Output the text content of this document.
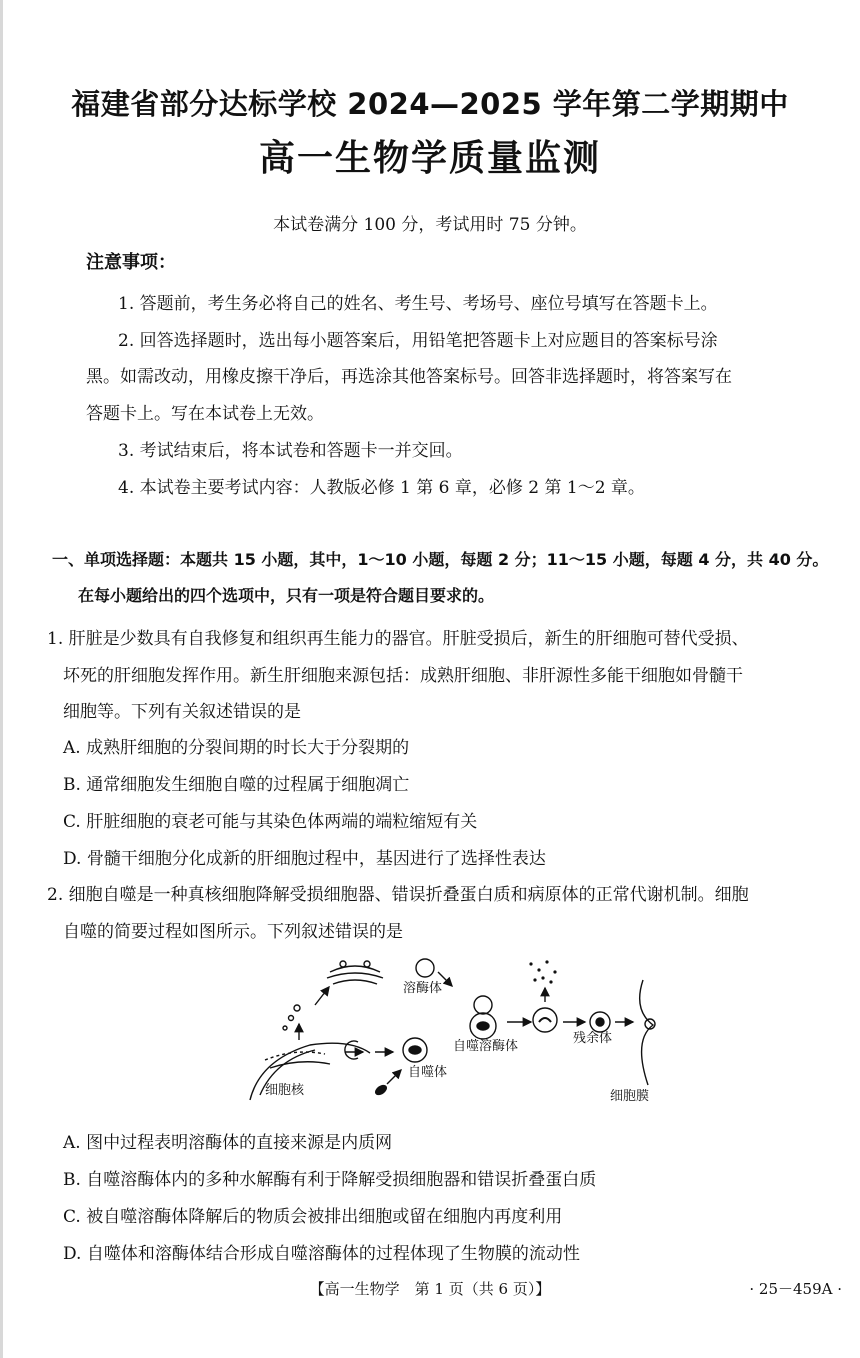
福建省部分达标学校 2024—2025 学年第二学期期中
高一生物学质量监测
本试卷满分 100 分，考试用时 75 分钟。
注意事项：
1. 答题前，考生务必将自己的姓名、考生号、考场号、座位号填写在答题卡上。
2. 回答选择题时，选出每小题答案后，用铅笔把答题卡上对应题目的答案标号涂
黑。如需改动，用橡皮擦干净后，再选涂其他答案标号。回答非选择题时，将答案写在
答题卡上。写在本试卷上无效。
3. 考试结束后，将本试卷和答题卡一并交回。
4. 本试卷主要考试内容：人教版必修 1 第 6 章，必修 2 第 1～2 章。
一、单项选择题：本题共 15 小题，其中，1～10 小题，每题 2 分；11～15 小题，每题 4 分，共 40 分。
在每小题给出的四个选项中，只有一项是符合题目要求的。
1. 肝脏是少数具有自我修复和组织再生能力的器官。肝脏受损后，新生的肝细胞可替代受损、
坏死的肝细胞发挥作用。新生肝细胞来源包括：成熟肝细胞、非肝源性多能干细胞如骨髓干
细胞等。下列有关叙述错误的是
A. 成熟肝细胞的分裂间期的时长大于分裂期的
B. 通常细胞发生细胞自噬的过程属于细胞凋亡
C. 肝脏细胞的衰老可能与其染色体两端的端粒缩短有关
D. 骨髓干细胞分化成新的肝细胞过程中，基因进行了选择性表达
2. 细胞自噬是一种真核细胞降解受损细胞器、错误折叠蛋白质和病原体的正常代谢机制。细胞
自噬的简要过程如图所示。下列叙述错误的是
溶酶体
自噬溶酶体
残余体
细胞核
自噬体
细胞膜
A. 图中过程表明溶酶体的直接来源是内质网
B. 自噬溶酶体内的多种水解酶有利于降解受损细胞器和错误折叠蛋白质
C. 被自噬溶酶体降解后的物质会被排出细胞或留在细胞内再度利用
D. 自噬体和溶酶体结合形成自噬溶酶体的过程体现了生物膜的流动性
【高一生物学　第 1 页（共 6 页）】	· 25－459A ·
